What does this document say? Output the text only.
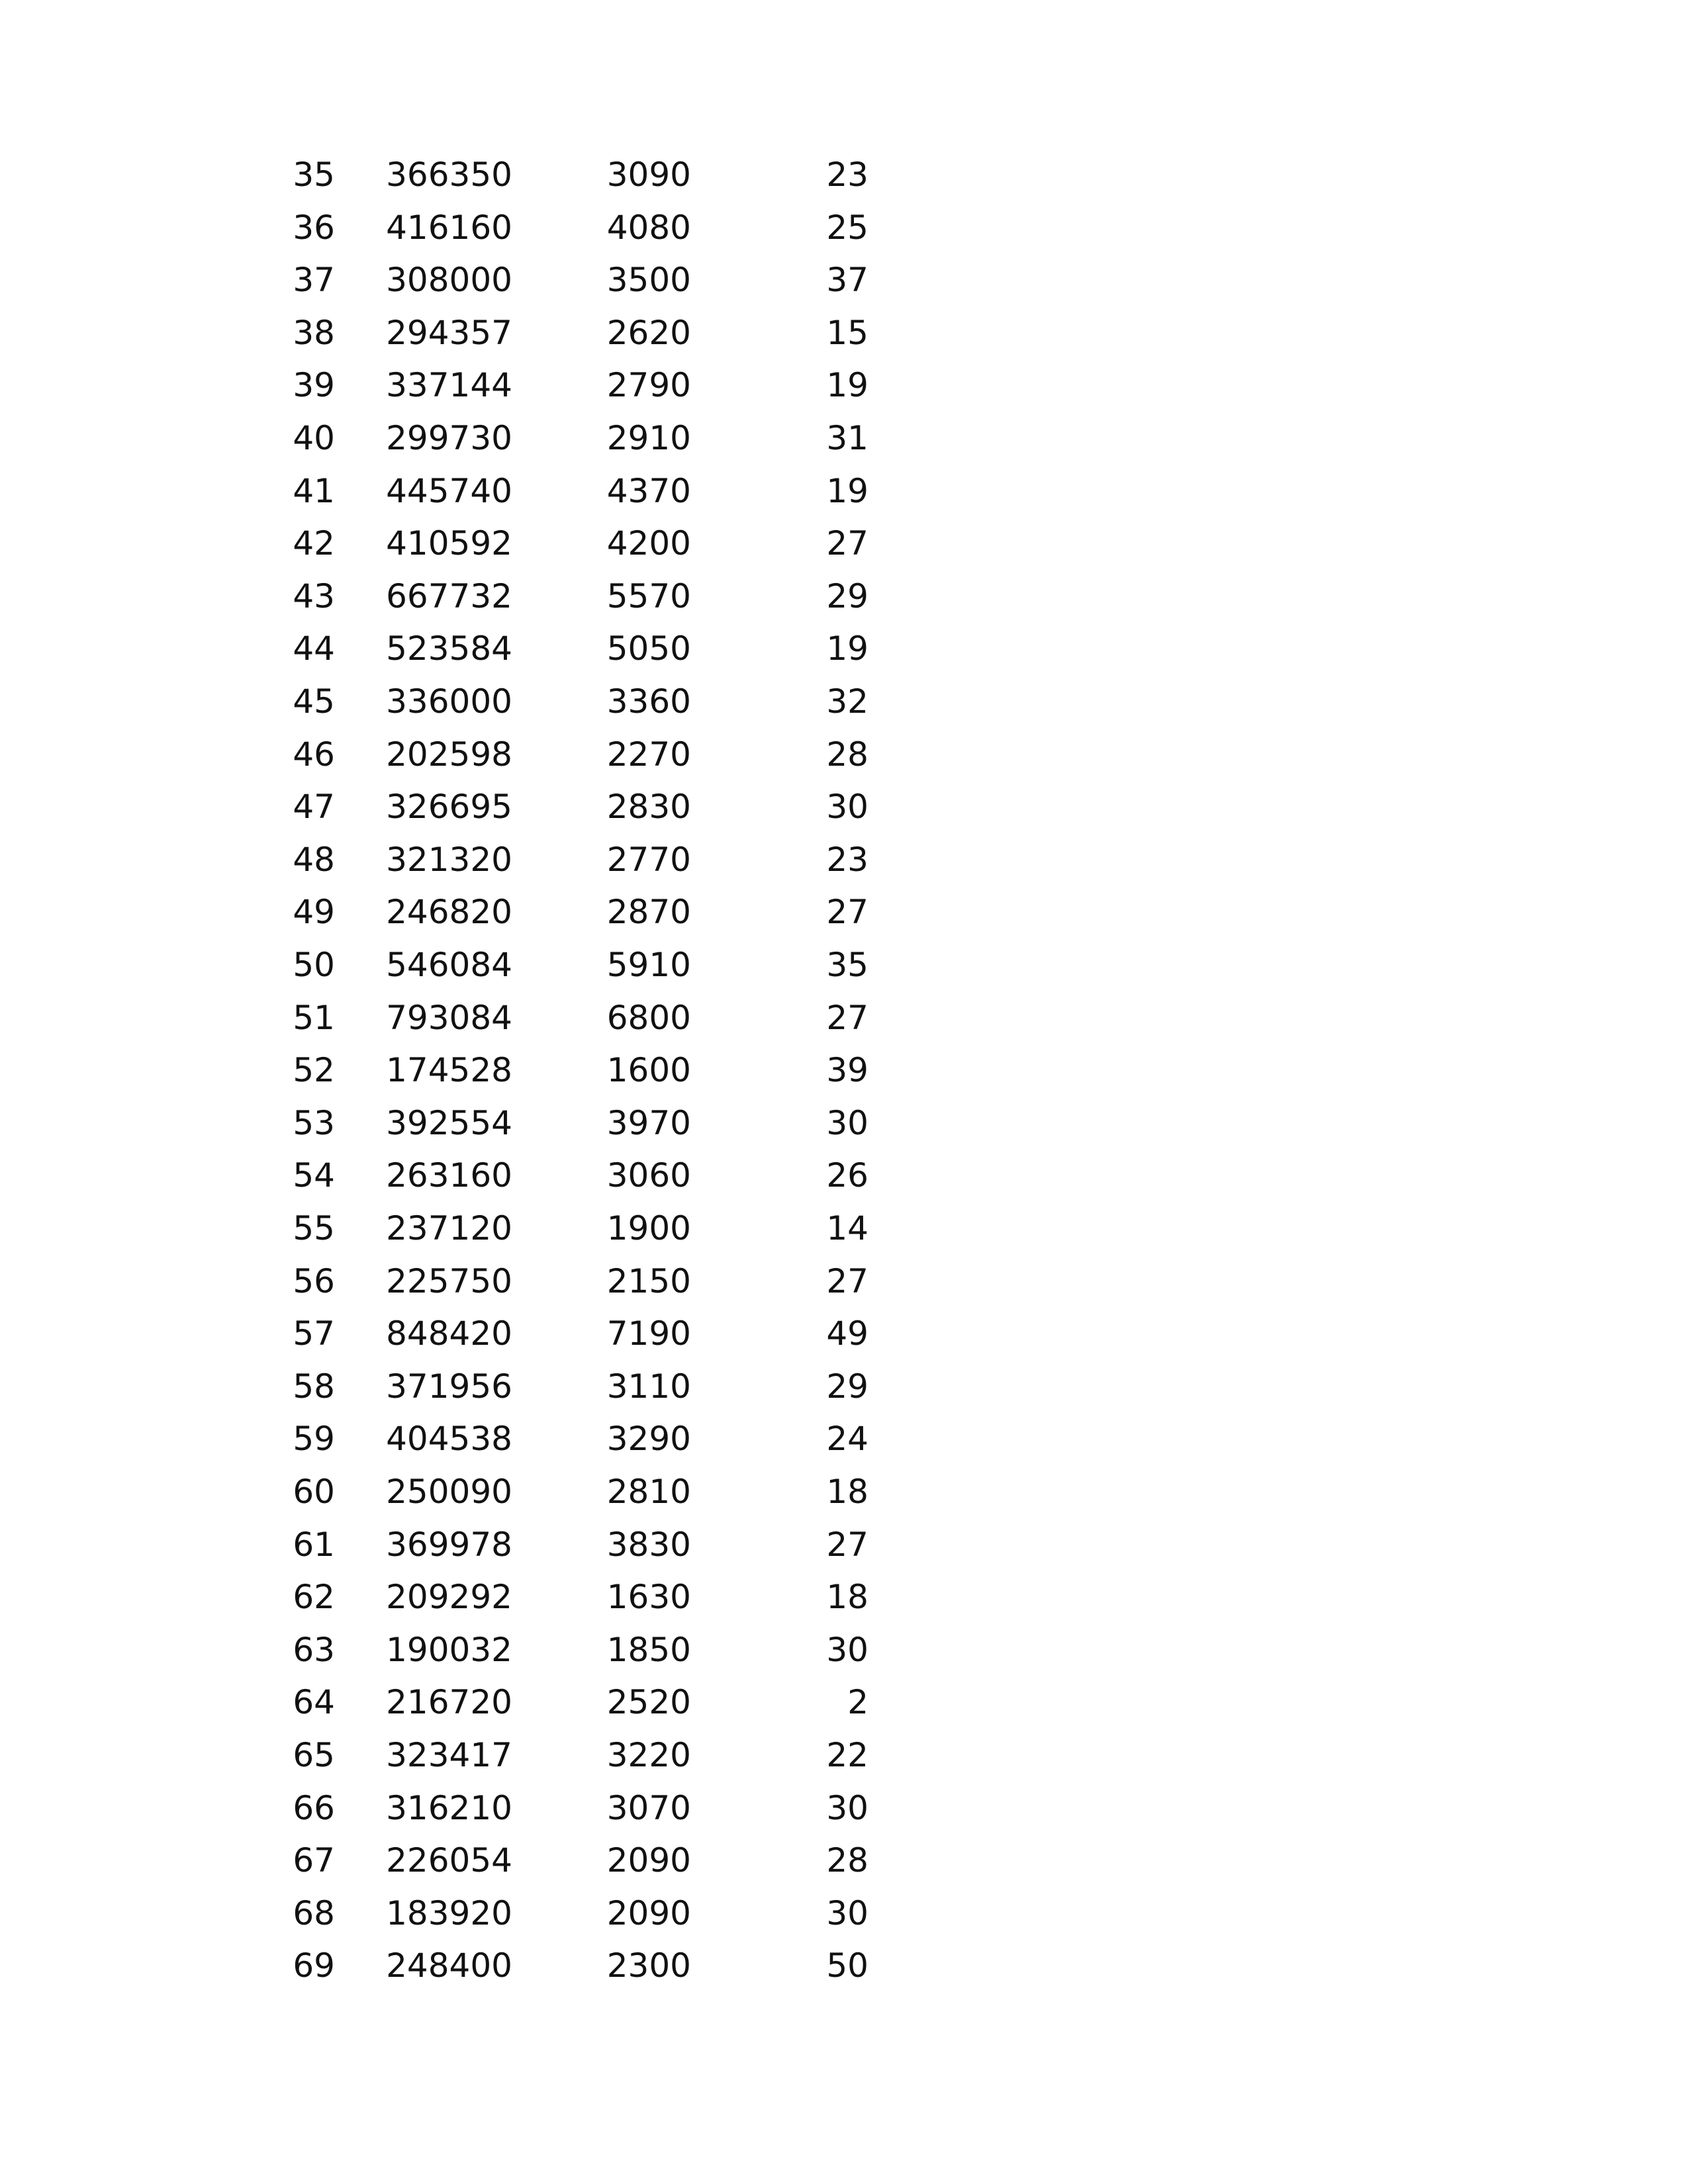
35	366350	3090	23
36	416160	4080	25
37	308000	3500	37
38	294357	2620	15
39	337144	2790	19
40	299730	2910	31
41	445740	4370	19
42	410592	4200	27
43	667732	5570	29
44	523584	5050	19
45	336000	3360	32
46	202598	2270	28
47	326695	2830	30
48	321320	2770	23
49	246820	2870	27
50	546084	5910	35
51	793084	6800	27
52	174528	1600	39
53	392554	3970	30
54	263160	3060	26
55	237120	1900	14
56	225750	2150	27
57	848420	7190	49
58	371956	3110	29
59	404538	3290	24
60	250090	2810	18
61	369978	3830	27
62	209292	1630	18
63	190032	1850	30
64	216720	2520	2
65	323417	3220	22
66	316210	3070	30
67	226054	2090	28
68	183920	2090	30
69	248400	2300	50
